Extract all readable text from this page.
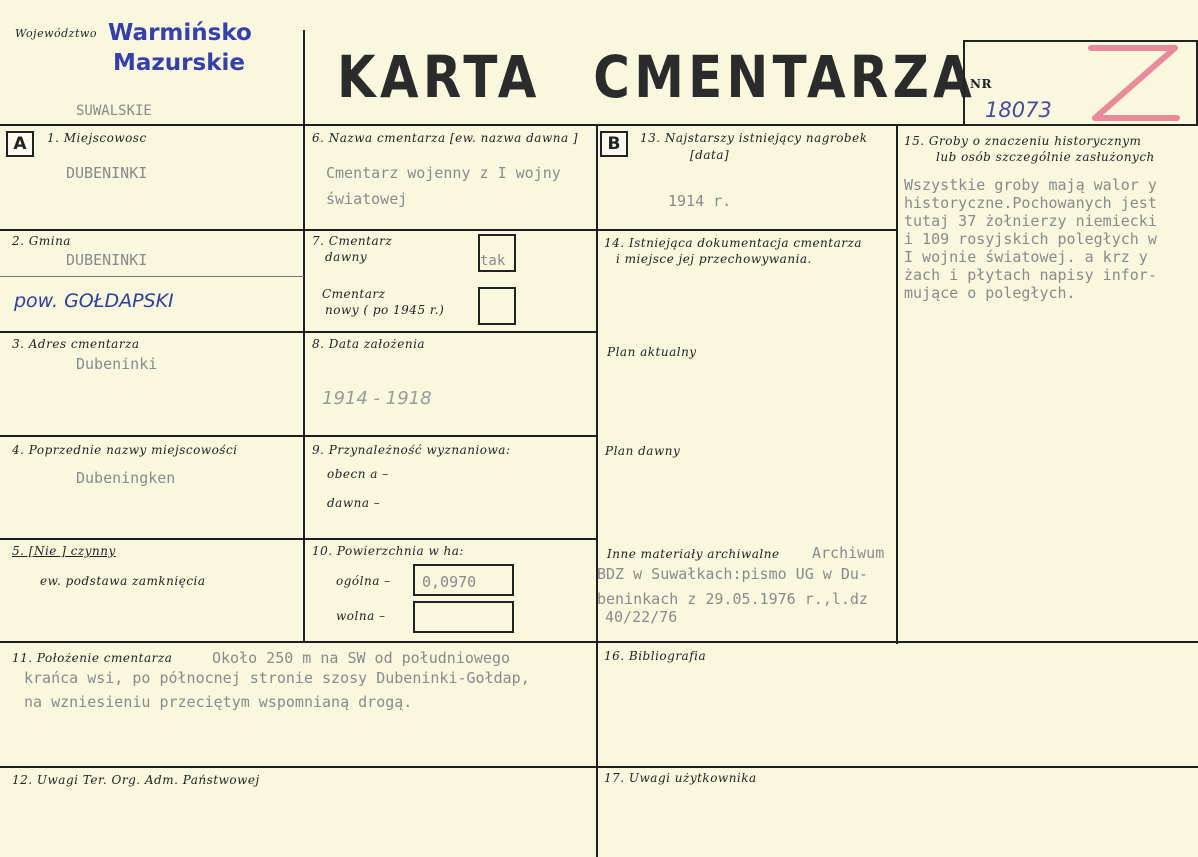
Województwo Warmińsko
Mazurskie
SUWALSKIE	KARTA CMENTARZA
NR
18073
A	B
1. Miejscowosc
DUBENINKI
2. Gmina
DUBENINKI
pow. GOŁDAPSKI
3. Adres cmentarza
Dubeninki
4. Poprzednie nazwy miejscowości
Dubeningken
5. [Nie ] czynny
ew. podstawa zamknięcia
6. Nazwa cmentarza [ew. nazwa dawna ]
Cmentarz wojenny z I wojny
światowej
7. Cmentarz
dawny	tak
Cmentarz
nowy ( po 1945 r.)
8. Data założenia
1914 - 1918
9. Przynależność wyznaniowa:
obecn a –
dawna –
10. Powierzchnia w ha:
ogólna – 0,0970
wolna –
11. Położenie cmentarza	Około 250 m na SW od południowego
krańca wsi, po północnej stronie szosy Dubeninki-Gołdap,
na wzniesieniu przeciętym wspomnianą drogą.
12. Uwagi Ter. Org. Adm. Państwowej
13. Najstarszy istniejący nagrobek
[data]
1914 r.
14. Istniejąca dokumentacja cmentarza
i miejsce jej przechowywania.
Plan aktualny
Plan dawny
Inne materiały archiwalne Archiwum
BDZ w Suwałkach:pismo UG w Du-
beninkach z 29.05.1976 r.,l.dz
40/22/76
15. Groby o znaczeniu historycznym
lub osób szczególnie zasłużonych
Wszystkie groby mają walor y
historyczne.Pochowanych jest
tutaj 37 żołnierzy niemiecki
i 109 rosyjskich poległych w
I wojnie światowej. a krz y
żach i płytach napisy infor-
mujące o poległych.
16. Bibliografia
17. Uwagi użytkownika
